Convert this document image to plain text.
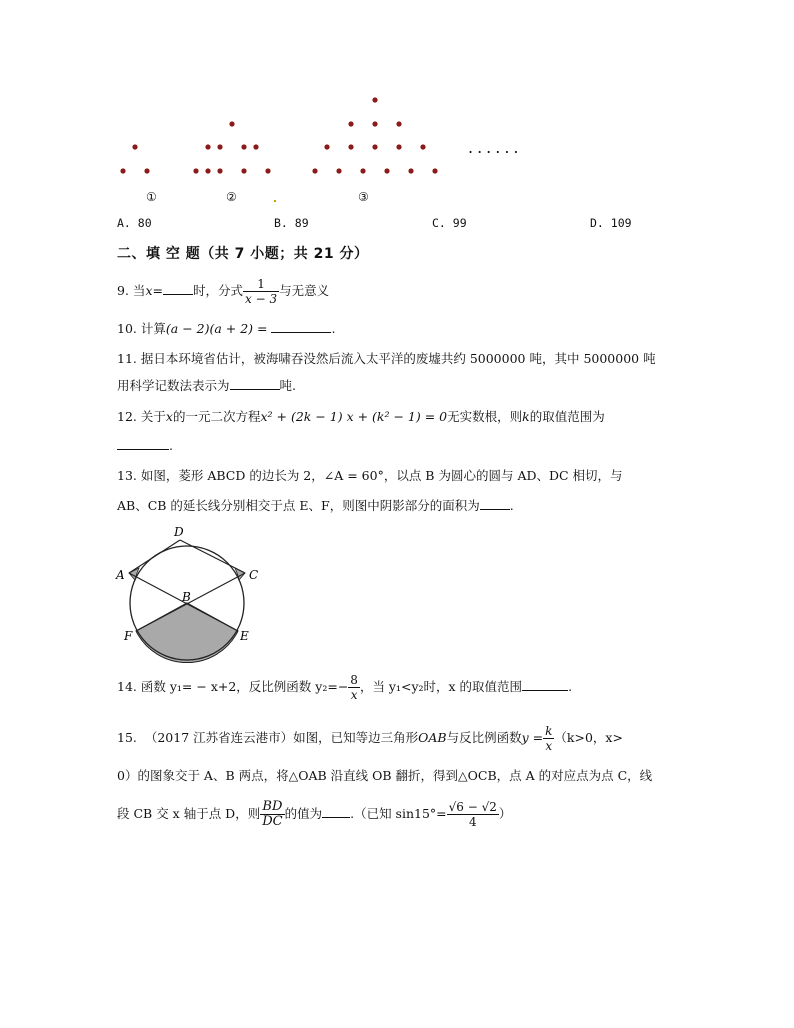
......
①	②	③
A. 80	B. 89	C. 99	D. 109
二、填 空 题（共 7 小题；共 21 分）
9. 当x= 时，分式 $\frac{1}{x - 3}$ 与无意义
10. 计算(a − 2)(a + 2) =	.
11. 据日本环境省估计，被海啸吞没然后流入太平洋的废墟共约 5000000 吨，其中 5000000 吨
用科学记数法表示为	吨.
12. 关于x的一元二次方程x² + (2k − 1) x + (k² − 1) = 0无实数根，则k的取值范围为
.
13. 如图，菱形 ABCD 的边长为 2，∠A = 60°，以点 B 为圆心的圆与 AD、DC 相切，与
AB、CB 的延长线分别相交于点 E、F，则图中阴影部分的面积为 .
D
A
B
C
F	E
14. 函数 y₁= − x+2，反比例函数 $y_2=- \frac{8}{x}$ ，当 y₁<y₂时，x 的取值范围	.
15. （2017 江苏省连云港市）如图，已知等边三角形OAB与反比例函数$y = \frac{k}{x} (k>0$，x>
0）的图象交于 A、B 两点，将△OAB 沿直线 OB 翻折，得到△OCB，点 A 的对应点为点 C，线
段 CB 交 x 轴于点 D，则 $\frac{BD}{DC}$ 的值为 .（已知 $\sin 15^\circ= \frac{√6 - √2}{4}$ ）
